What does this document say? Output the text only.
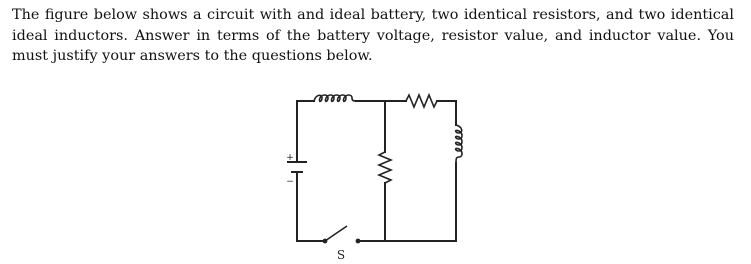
The figure below shows a circuit with and ideal battery, two identical resistors, and two identical ideal inductors. Answer in terms of the battery voltage, resistor value, and inductor value. You must justify your answers to the questions below.

+
−
S
